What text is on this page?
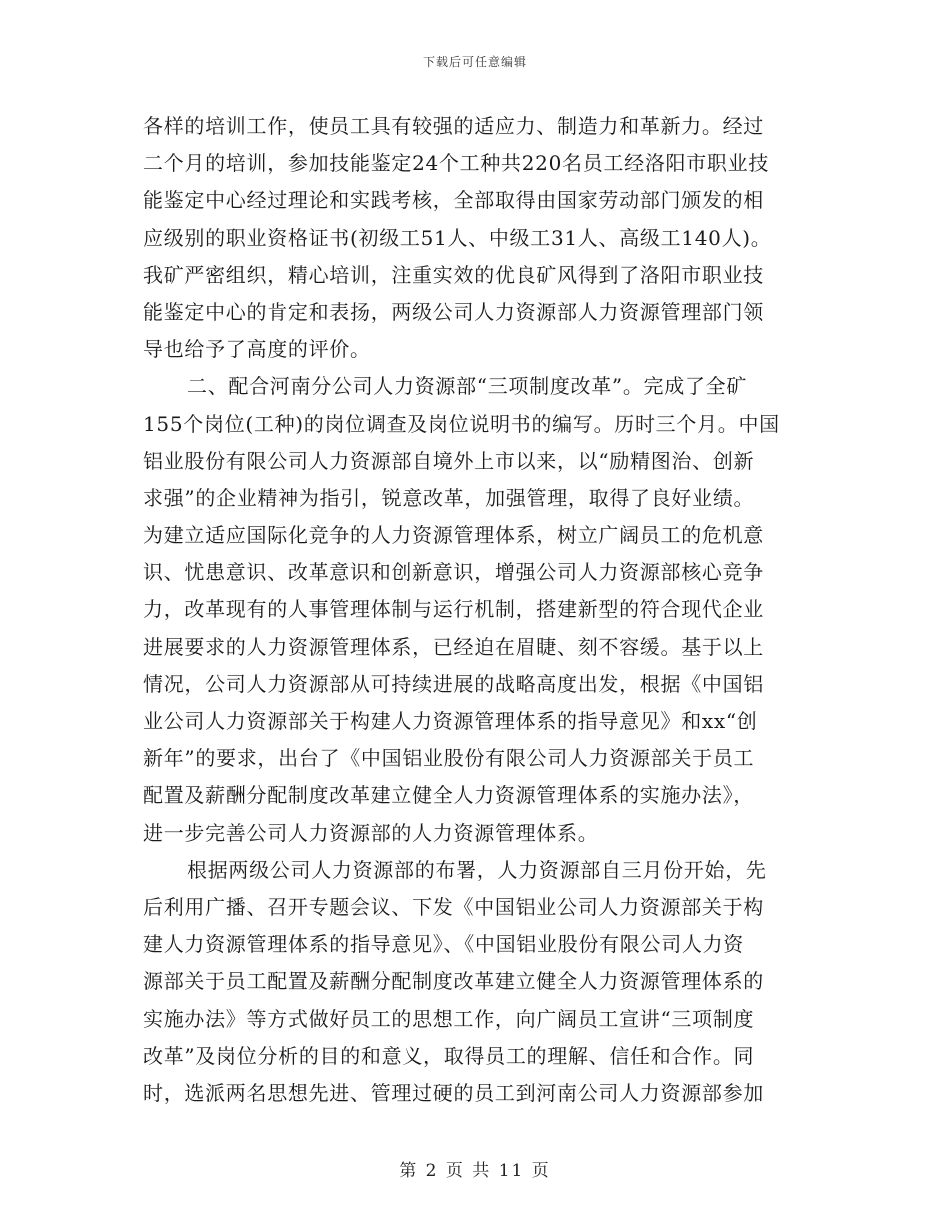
下载后可任意编辑
各样的培训工作，使员工具有较强的适应力、制造力和革新力。经过
二个月的培训，参加技能鉴定24个工种共220名员工经洛阳市职业技
能鉴定中心经过理论和实践考核，全部取得由国家劳动部门颁发的相
应级别的职业资格证书(初级工51人、中级工31人、高级工140人)。
我矿严密组织，精心培训，注重实效的优良矿风得到了洛阳市职业技
能鉴定中心的肯定和表扬，两级公司人力资源部人力资源管理部门领
导也给予了高度的评价。
二、配合河南分公司人力资源部“三项制度改革”。完成了全矿
155个岗位(工种)的岗位调查及岗位说明书的编写。历时三个月。中国
铝业股份有限公司人力资源部自境外上市以来，以“励精图治、创新
求强”的企业精神为指引，锐意改革，加强管理，取得了良好业绩。
为建立适应国际化竞争的人力资源管理体系，树立广阔员工的危机意
识、忧患意识、改革意识和创新意识，增强公司人力资源部核心竞争
力，改革现有的人事管理体制与运行机制，搭建新型的符合现代企业
进展要求的人力资源管理体系，已经迫在眉睫、刻不容缓。基于以上
情况，公司人力资源部从可持续进展的战略高度出发，根据《中国铝
业公司人力资源部关于构建人力资源管理体系的指导意见》和xx“创
新年”的要求，出台了《中国铝业股份有限公司人力资源部关于员工
配置及薪酬分配制度改革建立健全人力资源管理体系的实施办法》，
进一步完善公司人力资源部的人力资源管理体系。
根据两级公司人力资源部的布署，人力资源部自三月份开始，先
后利用广播、召开专题会议、下发《中国铝业公司人力资源部关于构
建人力资源管理体系的指导意见》、《中国铝业股份有限公司人力资
源部关于员工配置及薪酬分配制度改革建立健全人力资源管理体系的
实施办法》等方式做好员工的思想工作，向广阔员工宣讲“三项制度
改革”及岗位分析的目的和意义，取得员工的理解、信任和合作。同
时，选派两名思想先进、管理过硬的员工到河南公司人力资源部参加
第 2 页 共 11 页
